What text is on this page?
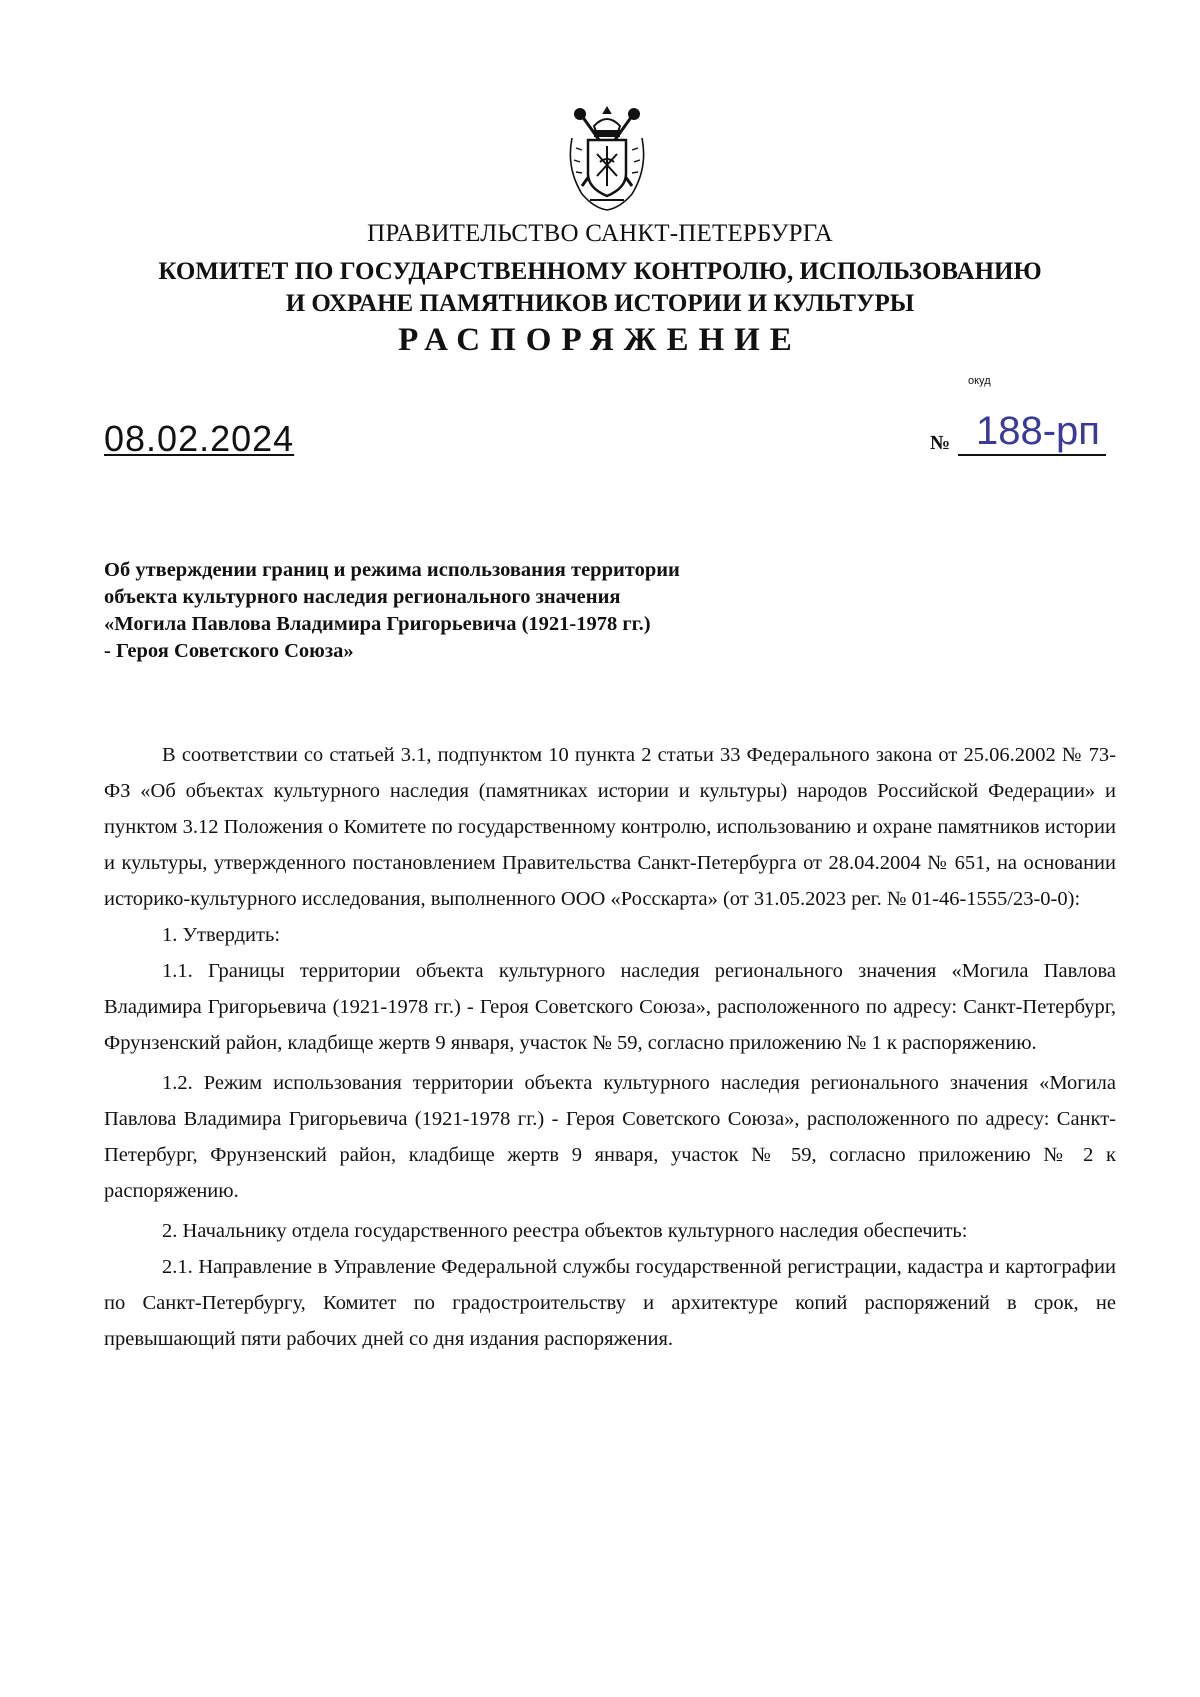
ПРАВИТЕЛЬСТВО САНКТ-ПЕТЕРБУРГА
КОМИТЕТ ПО ГОСУДАРСТВЕННОМУ КОНТРОЛЮ, ИСПОЛЬЗОВАНИЮ
И ОХРАНЕ ПАМЯТНИКОВ ИСТОРИИ И КУЛЬТУРЫ
РАСПОРЯЖЕНИЕ
окуд
08.02.2024	№ 188-рп
Об утверждении границ и режима использования территории
объекта культурного наследия регионального значения
«Могила Павлова Владимира Григорьевича (1921-1978 гг.)
- Героя Советского Союза»

В соответствии со статьей 3.1, подпунктом 10 пункта 2 статьи 33 Федерального закона от 25.06.2002 № 73-ФЗ «Об объектах культурного наследия (памятниках истории и культуры) народов Российской Федерации» и пунктом 3.12 Положения о Комитете по государственному контролю, использованию и охране памятников истории и культуры, утвержденного постановлением Правительства Санкт-Петербурга от 28.04.2004 № 651, на основании историко-культурного исследования, выполненного ООО «Росскарта» (от 31.05.2023 рег. № 01-46-1555/23-0-0):

1. Утвердить:

1.1. Границы территории объекта культурного наследия регионального значения «Могила Павлова Владимира Григорьевича (1921-1978 гг.) - Героя Советского Союза», расположенного по адресу: Санкт-Петербург, Фрунзенский район, кладбище жертв 9 января, участок № 59, согласно приложению № 1 к распоряжению.

1.2. Режим использования территории объекта культурного наследия регионального значения «Могила Павлова Владимира Григорьевича (1921-1978 гг.) - Героя Советского Союза», расположенного по адресу: Санкт-Петербург, Фрунзенский район, кладбище жертв 9 января, участок № 59, согласно приложению № 2 к распоряжению.

2. Начальнику отдела государственного реестра объектов культурного наследия обеспечить:

2.1. Направление в Управление Федеральной службы государственной регистрации, кадастра и картографии по Санкт-Петербургу, Комитет по градостроительству и архитектуре копий распоряжений в срок, не превышающий пяти рабочих дней со дня издания распоряжения.
